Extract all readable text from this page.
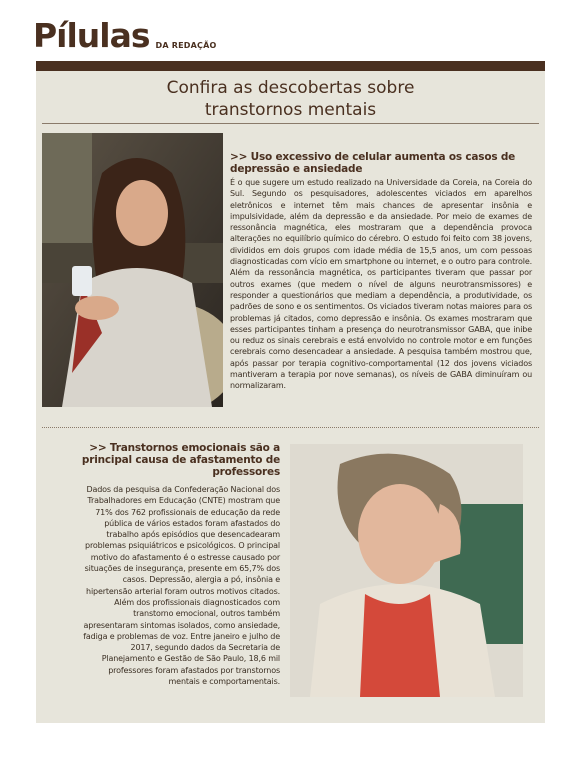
Pílulas DA REDAÇÃO
Confira as descobertas sobre
transtornos mentais
>> Uso excessivo de celular aumenta os casos de depressão e ansiedade
É o que sugere um estudo realizado na Universidade da Coreia, na Coreia do Sul. Segundo os pesquisadores, adolescentes viciados em aparelhos eletrônicos e internet têm mais chances de apresentar insônia e impulsividade, além da depressão e da ansiedade. Por meio de exames de ressonância magnética, eles mostraram que a dependência provoca alterações no equilíbrio químico do cérebro. O estudo foi feito com 38 jovens, divididos em dois grupos com idade média de 15,5 anos, um com pessoas diagnosticadas com vício em smartphone ou internet, e o outro para controle. Além da ressonância magnética, os participantes tiveram que passar por outros exames (que medem o nível de alguns neurotransmissores) e responder a questionários que mediam a dependência, a produtividade, os padrões de sono e os sentimentos. Os viciados tiveram notas maiores para os problemas já citados, como depressão e insônia. Os exames mostraram que esses participantes tinham a presença do neurotransmissor GABA, que inibe ou reduz os sinais cerebrais e está envolvido no controle motor e em funções cerebrais como desencadear a ansiedade. A pesquisa também mostrou que, após passar por terapia cognitivo-comportamental (12 dos jovens viciados mantiveram a terapia por nove semanas), os níveis de GABA diminuíram ou normalizaram.
>> Transtornos emocionais são a principal causa de afastamento de professores
Dados da pesquisa da Confederação Nacional dos Trabalhadores em Educação (CNTE) mostram que 71% dos 762 profissionais de educação da rede pública de vários estados foram afastados do trabalho após episódios que desencadearam problemas psiquiátricos e psicológicos. O principal motivo do afastamento é o estresse causado por situações de insegurança, presente em 65,7% dos casos. Depressão, alergia a pó, insônia e hipertensão arterial foram outros motivos citados. Além dos profissionais diagnosticados com transtorno emocional, outros também apresentaram sintomas isolados, como ansiedade, fadiga e problemas de voz. Entre janeiro e julho de 2017, segundo dados da Secretaria de Planejamento e Gestão de São Paulo, 18,6 mil professores foram afastados por transtornos mentais e comportamentais.
